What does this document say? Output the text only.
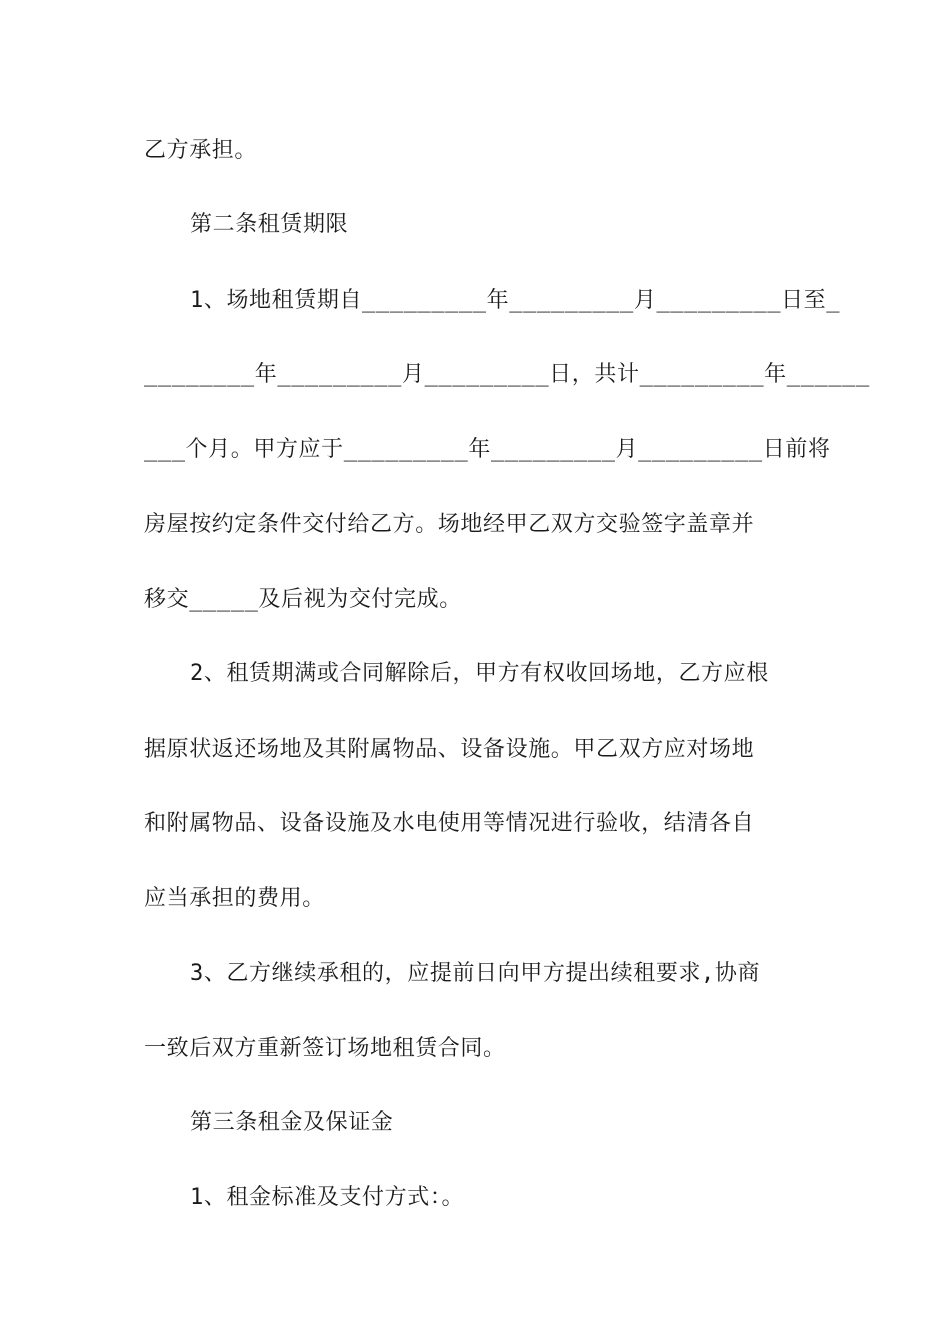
乙方承担。

第二条租赁期限

1、场地租赁期自_________年_________月_________日至_

________年_________月_________日，共计_________年______

___个月。甲方应于_________年_________月_________日前将

房屋按约定条件交付给乙方。场地经甲乙双方交验签字盖章并

移交_____及后视为交付完成。

2、租赁期满或合同解除后，甲方有权收回场地，乙方应根

据原状返还场地及其附属物品、设备设施。甲乙双方应对场地

和附属物品、设备设施及水电使用等情况进行验收，结清各自

应当承担的费用。

3、乙方继续承租的，应提前日向甲方提出续租要求,协商

一致后双方重新签订场地租赁合同。

第三条租金及保证金

1、租金标准及支付方式：。
